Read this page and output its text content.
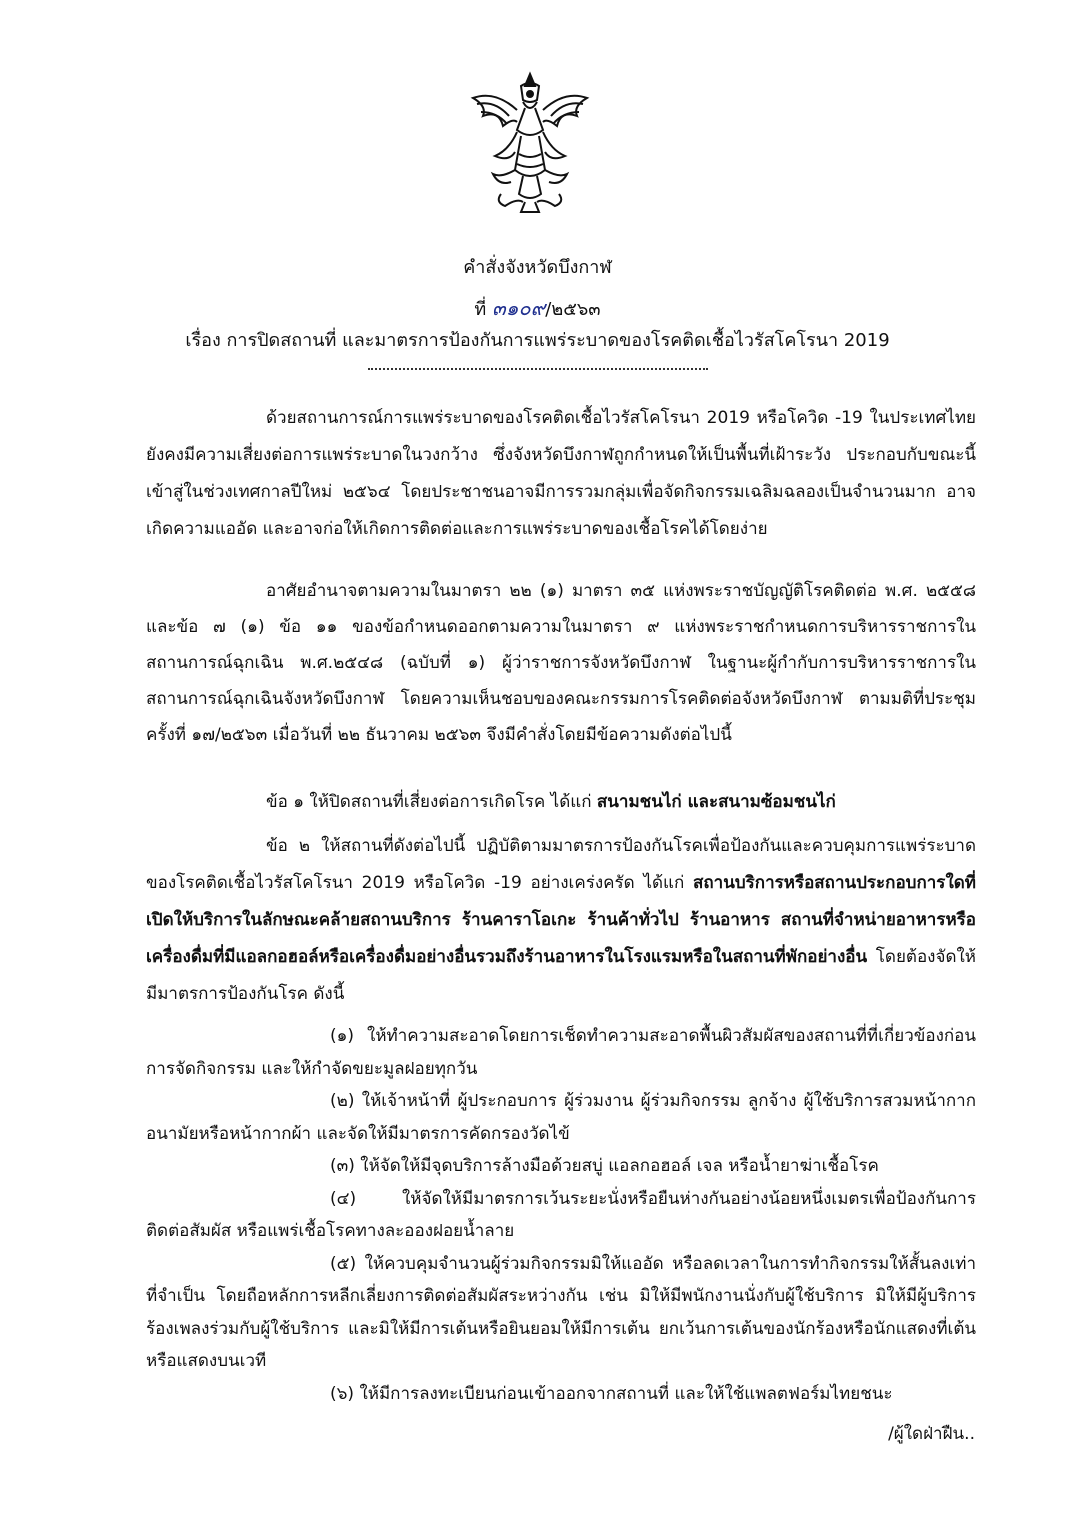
คำสั่งจังหวัดบึงกาฬ
ที่ ๓๑๐๙/๒๕๖๓
เรื่อง การปิดสถานที่ และมาตรการป้องกันการแพร่ระบาดของโรคติดเชื้อไวรัสโคโรนา 2019
ด้วยสถานการณ์การแพร่ระบาดของโรคติดเชื้อไวรัสโคโรนา 2019 หรือโควิด -19 ในประเทศไทยยังคงมีความเสี่ยงต่อการแพร่ระบาดในวงกว้าง ซึ่งจังหวัดบึงกาฬถูกกำหนดให้เป็นพื้นที่เฝ้าระวัง ประกอบกับขณะนี้เข้าสู่ในช่วงเทศกาลปีใหม่ ๒๕๖๔ โดยประชาชนอาจมีการรวมกลุ่มเพื่อจัดกิจกรรมเฉลิมฉลองเป็นจำนวนมาก อาจเกิดความแออัด และอาจก่อให้เกิดการติดต่อและการแพร่ระบาดของเชื้อโรคได้โดยง่าย
อาศัยอำนาจตามความในมาตรา ๒๒ (๑) มาตรา ๓๕ แห่งพระราชบัญญัติโรคติดต่อ พ.ศ. ๒๕๕๘ และข้อ ๗ (๑) ข้อ ๑๑ ของข้อกำหนดออกตามความในมาตรา ๙ แห่งพระราชกำหนดการบริหารราชการในสถานการณ์ฉุกเฉิน พ.ศ.๒๕๔๘ (ฉบับที่ ๑) ผู้ว่าราชการจังหวัดบึงกาฬ ในฐานะผู้กำกับการบริหารราชการในสถานการณ์ฉุกเฉินจังหวัดบึงกาฬ โดยความเห็นชอบของคณะกรรมการโรคติดต่อจังหวัดบึงกาฬ ตามมติที่ประชุม ครั้งที่ ๑๗/๒๕๖๓ เมื่อวันที่ ๒๒ ธันวาคม ๒๕๖๓ จึงมีคำสั่งโดยมีข้อความดังต่อไปนี้
ข้อ ๑ ให้ปิดสถานที่เสี่ยงต่อการเกิดโรค ได้แก่ สนามชนไก่ และสนามซ้อมชนไก่
ข้อ ๒ ให้สถานที่ดังต่อไปนี้ ปฏิบัติตามมาตรการป้องกันโรคเพื่อป้องกันและควบคุมการแพร่ระบาดของโรคติดเชื้อไวรัสโคโรนา 2019 หรือโควิด -19 อย่างเคร่งครัด ได้แก่ สถานบริการหรือสถานประกอบการใดที่เปิดให้บริการในลักษณะคล้ายสถานบริการ ร้านคาราโอเกะ ร้านค้าทั่วไป ร้านอาหาร สถานที่จำหน่ายอาหารหรือเครื่องดื่มที่มีแอลกอฮอล์หรือเครื่องดื่มอย่างอื่นรวมถึงร้านอาหารในโรงแรมหรือในสถานที่พักอย่างอื่น โดยต้องจัดให้มีมาตรการป้องกันโรค ดังนี้
(๑) ให้ทำความสะอาดโดยการเช็ดทำความสะอาดพื้นผิวสัมผัสของสถานที่ที่เกี่ยวข้องก่อนการจัดกิจกรรม และให้กำจัดขยะมูลฝอยทุกวัน
(๒) ให้เจ้าหน้าที่ ผู้ประกอบการ ผู้ร่วมงาน ผู้ร่วมกิจกรรม ลูกจ้าง ผู้ใช้บริการสวมหน้ากากอนามัยหรือหน้ากากผ้า และจัดให้มีมาตรการคัดกรองวัดไข้
(๓) ให้จัดให้มีจุดบริการล้างมือด้วยสบู่ แอลกอฮอล์ เจล หรือน้ำยาฆ่าเชื้อโรค
(๔) ให้จัดให้มีมาตรการเว้นระยะนั่งหรือยืนห่างกันอย่างน้อยหนึ่งเมตรเพื่อป้องกันการติดต่อสัมผัส หรือแพร่เชื้อโรคทางละอองฝอยน้ำลาย
(๕) ให้ควบคุมจำนวนผู้ร่วมกิจกรรมมิให้แออัด หรือลดเวลาในการทำกิจกรรมให้สั้นลงเท่าที่จำเป็น โดยถือหลักการหลีกเลี่ยงการติดต่อสัมผัสระหว่างกัน เช่น มิให้มีพนักงานนั่งกับผู้ใช้บริการ มิให้มีผู้บริการร้องเพลงร่วมกับผู้ใช้บริการ และมิให้มีการเต้นหรือยินยอมให้มีการเต้น ยกเว้นการเต้นของนักร้องหรือนักแสดงที่เต้นหรือแสดงบนเวที
(๖) ให้มีการลงทะเบียนก่อนเข้าออกจากสถานที่ และให้ใช้แพลตฟอร์มไทยชนะ
/ผู้ใดฝ่าฝืน..
